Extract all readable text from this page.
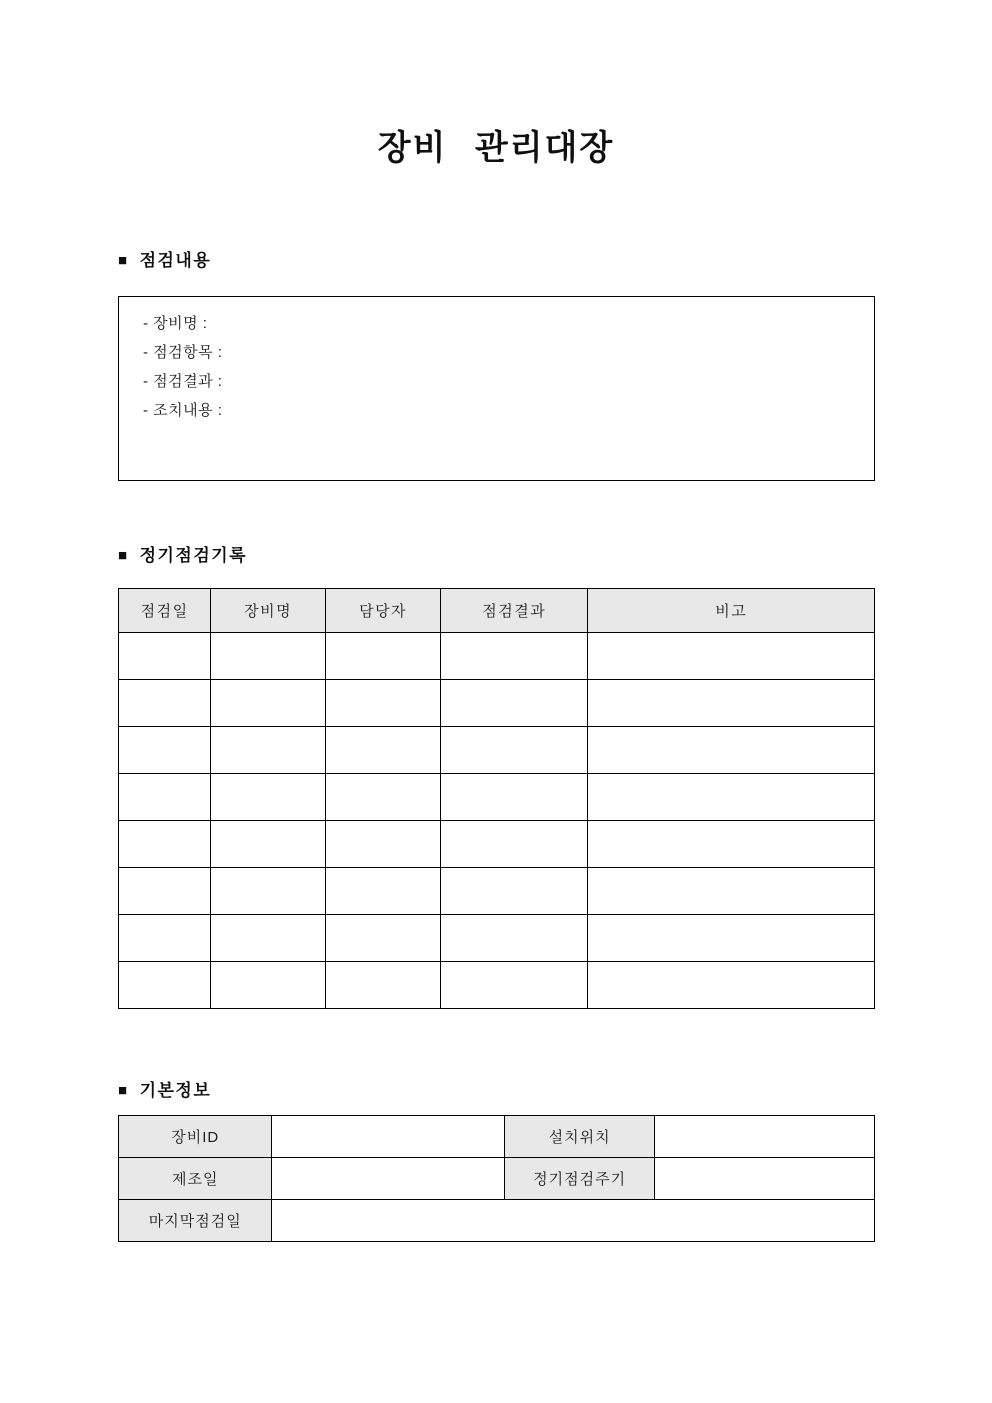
장비 관리대장
■ 점검내용
- 장비명 :
- 점검항목 :
- 점검결과 :
- 조치내용 :
■ 정기점검기록
점검일	장비명	담당자	점검결과	비고

■ 기본정보
장비ID		설치위치	
제조일		정기점검주기	
마지막점검일			
